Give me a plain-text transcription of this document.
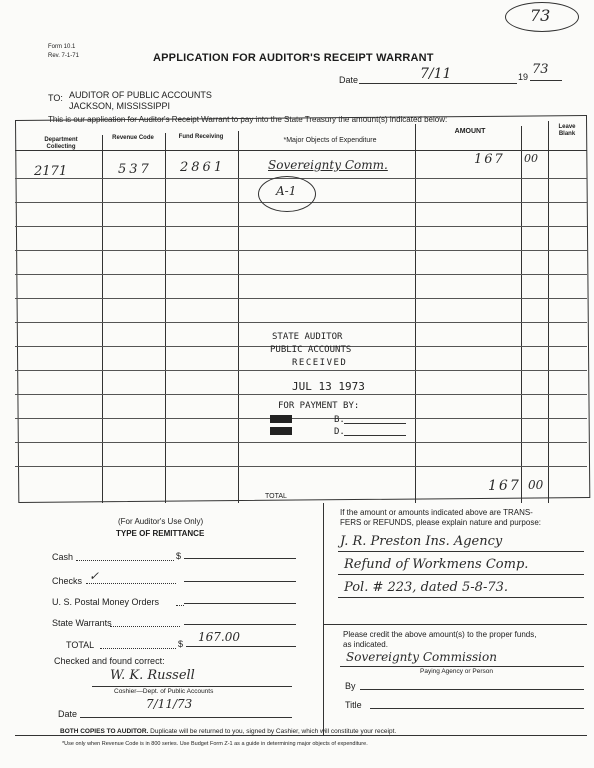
73
Form 10.1
Rev. 7-1-71	APPLICATION FOR AUDITOR'S RECEIPT WARRANT
Date	7/11	19 73
TO: AUDITOR OF PUBLIC ACCOUNTS
JACKSON, MISSISSIPPI
This is our application for Auditor's Receipt Warrant to pay into the State Treasury the amount(s) indicated below:
Department Collecting
Revenue Code	Fund Receiving	*Major Objects of Expenditure
AMOUNT
Leave Blank
2171	537 2861	Sovereignty Comm.	167 00
A-1
STATE AUDITOR
PUBLIC ACCOUNTS
RECEIVED
JUL 13 1973
FOR PAYMENT BY:
B.
D.
TOTAL
167 00
(For Auditor's Use Only)
TYPE OF REMITTANCE
Cash	$
Checks ✓
U. S. Postal Money Orders
State Warrants
TOTAL	$ 167.00
Checked and found correct:
W. K. Russell
Coshier—Dept. of Public Accounts
Date
7/11/73
If the amount or amounts indicated above are TRANS-
FERS or REFUNDS, please explain nature and purpose:
J. R. Preston Ins. Agency
Refund of Workmens Comp.
Pol. # 223, dated 5-8-73.
Please credit the above amount(s) to the proper funds,
as indicated.
Sovereignty Commission
Paying Agency or Person
By
Title
BOTH COPIES TO AUDITOR. Duplicate will be returned to you, signed by Cashier, which will constitute your receipt.
*Use only when Revenue Code is in 800 series. Use Budget Form Z-1 as a guide in determining major objects of expenditure.
